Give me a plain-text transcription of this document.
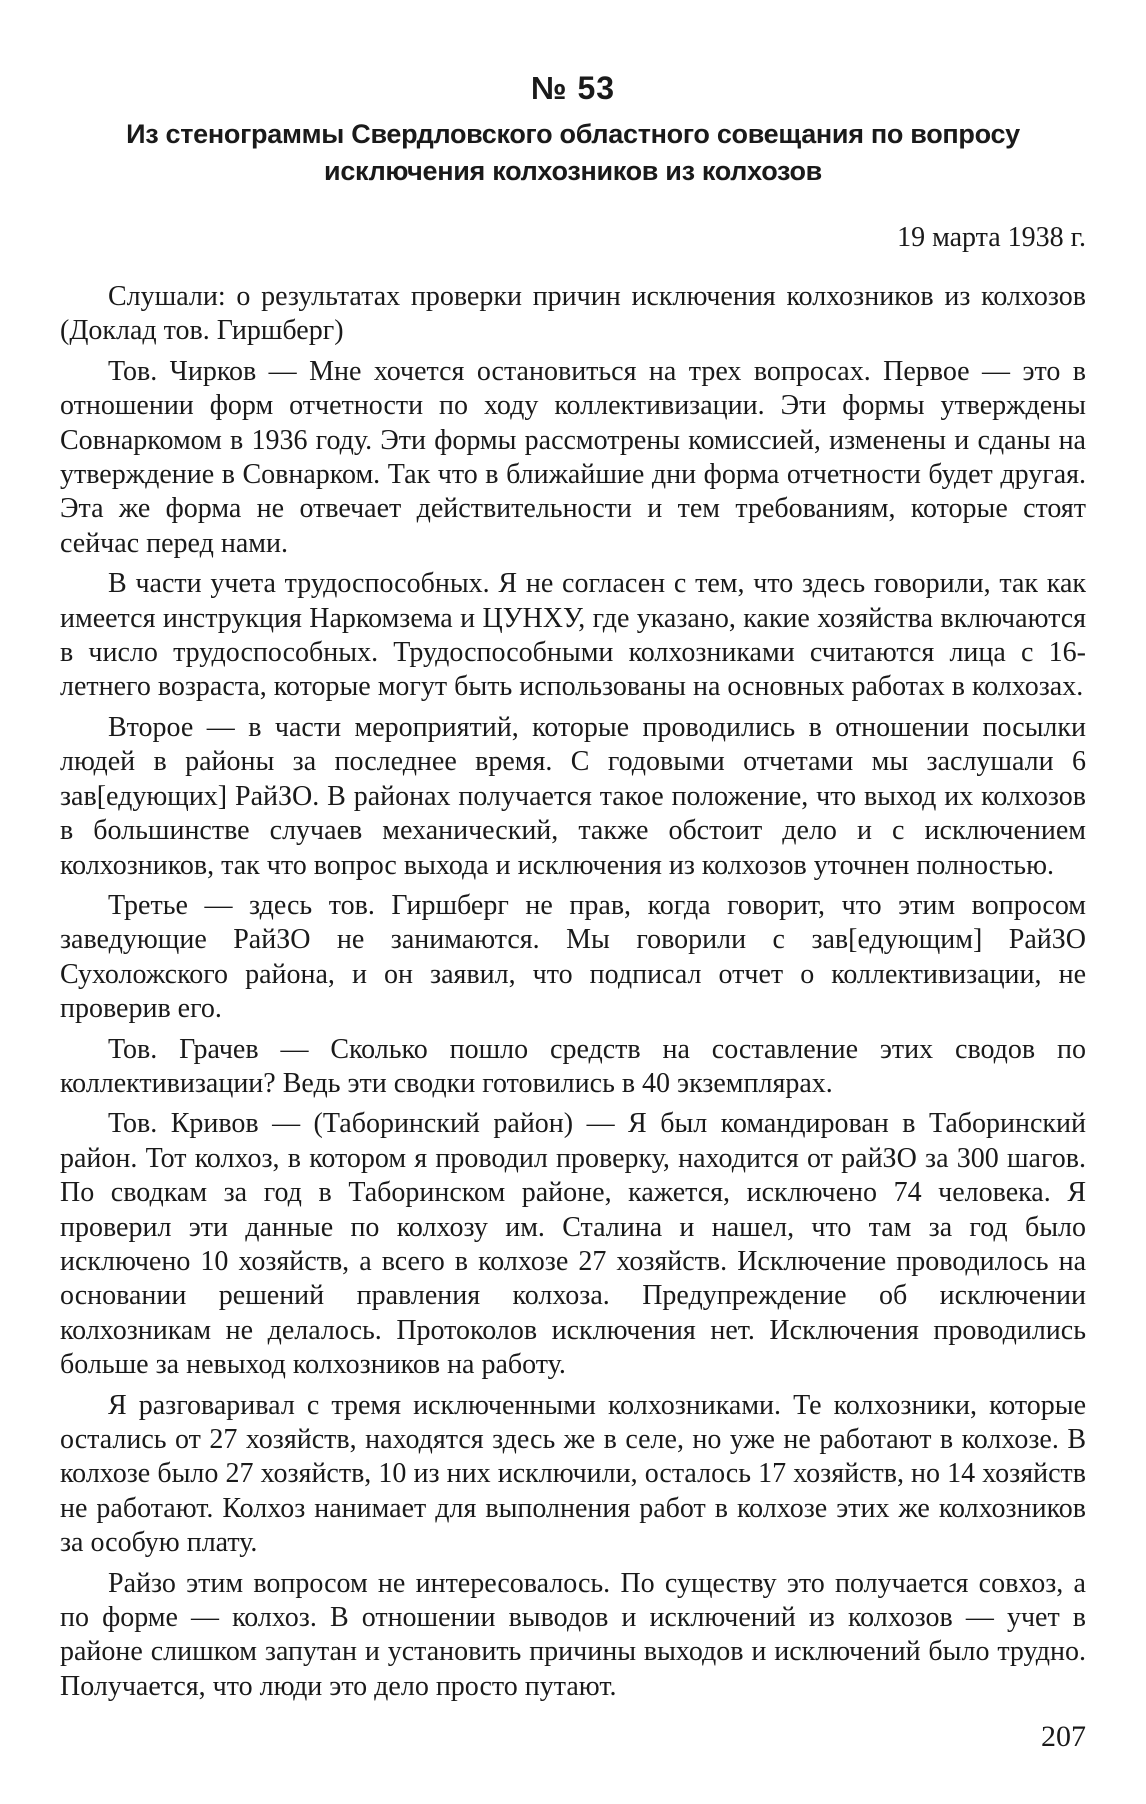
№ 53
Из стенограммы Свердловского областного совещания по вопросу
исключения колхозников из колхозов
19 марта 1938 г.

Слушали: о результатах проверки причин исключения колхозников из колхозов (Доклад тов. Гиршберг)

Тов. Чирков — Мне хочется остановиться на трех вопросах. Первое — это в отношении форм отчетности по ходу коллективизации. Эти формы утверждены Совнаркомом в 1936 году. Эти формы рассмотрены комиссией, изменены и сданы на утверждение в Совнарком. Так что в ближайшие дни форма отчетности будет другая. Эта же форма не отвечает действительности и тем требованиям, которые стоят сейчас перед нами.

В части учета трудоспособных. Я не согласен с тем, что здесь говорили, так как имеется инструкция Наркомзема и ЦУНХУ, где указано, какие хозяйства включаются в число трудоспособных. Трудоспособными колхозниками считаются лица с 16-летнего возраста, которые могут быть использованы на основных работах в колхозах.

Второе — в части мероприятий, которые проводились в отношении посылки людей в районы за последнее время. С годовыми отчетами мы заслушали 6 зав[едующих] РайЗО. В районах получается такое положение, что выход их колхозов в большинстве случаев механический, также обстоит дело и с исключением колхозников, так что вопрос выхода и исключения из колхозов уточнен полностью.

Третье — здесь тов. Гиршберг не прав, когда говорит, что этим вопросом заведующие РайЗО не занимаются. Мы говорили с зав[едующим] РайЗО Сухоложского района, и он заявил, что подписал отчет о коллективизации, не проверив его.

Тов. Грачев — Сколько пошло средств на составление этих сводов по коллективизации? Ведь эти сводки готовились в 40 экземплярах.

Тов. Кривов — (Таборинский район) — Я был командирован в Таборинский район. Тот колхоз, в котором я проводил проверку, находится от райЗО за 300 шагов. По сводкам за год в Таборинском районе, кажется, исключено 74 человека. Я проверил эти данные по колхозу им. Сталина и нашел, что там за год было исключено 10 хозяйств, а всего в колхозе 27 хозяйств. Исключение проводилось на основании решений правления колхоза. Предупреждение об исключении колхозникам не делалось. Протоколов исключения нет. Исключения проводились больше за невыход колхозников на работу.

Я разговаривал с тремя исключенными колхозниками. Те колхозники, которые остались от 27 хозяйств, находятся здесь же в селе, но уже не работают в колхозе. В колхозе было 27 хозяйств, 10 из них исключили, осталось 17 хозяйств, но 14 хозяйств не работают. Колхоз нанимает для выполнения работ в колхозе этих же колхозников за особую плату.

Райзо этим вопросом не интересовалось. По существу это получается совхоз, а по форме — колхоз. В отношении выводов и исключений из колхозов — учет в районе слишком запутан и установить причины выходов и исключений было трудно. Получается, что люди это дело просто путают.

207
